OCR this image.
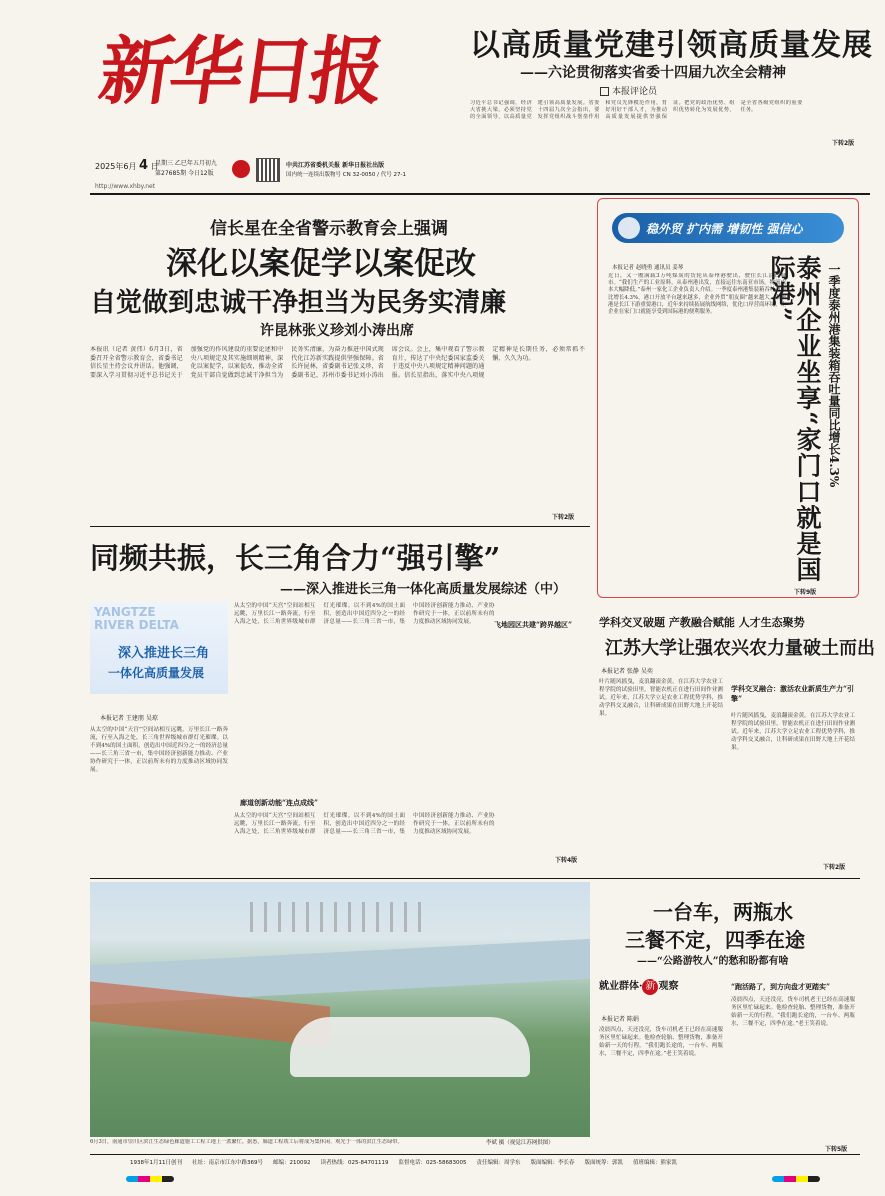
新华日报
2025年6月 4 日
星期三 乙巳年五月初九
第27685期 今日12版
http://www.xhby.net
中共江苏省委机关报 新华日报社出版
国内统一连续出版物号 CN 32-0050 / 代号 27-1
以高质量党建引领高质量发展
——六论贯彻落实省委十四届九次全会精神
本报评论员
习近平总书记强调，经济大省挑大梁，必须坚持党的全面领导，以高质量党建引领高质量发展。省委十四届九次全会指出，要发挥党组织战斗堡垒作用和党员先锋模范作用，育好用好干部人才，为推动高质量发展提供坚强保证。把党的政治优势、组织优势转化为发展优势，是全省各级党组织的重要任务。
下转2版
信长星在全省警示教育会上强调
深化以案促学以案促改
自觉做到忠诚干净担当为民务实清廉
许昆林张义珍刘小涛出席
本报讯（记者 黄伟）6月3日，省委召开全省警示教育会，省委书记信长星主持会议并讲话。他强调，要深入学习贯彻习近平总书记关于加强党的作风建设的重要论述和中央八项规定及其实施细则精神，深化以案促学，以案促改，推动全省党员干部自觉做到忠诚干净担当为民务实清廉，为奋力推进中国式现代化江苏新实践提供坚强保障。省长许昆林，省委副书记张义珍，省委副书记、苏州市委书记刘小涛出席会议。会上，集中观看了警示教育片，传达了中央纪委国家监委关于违反中央八项规定精神问题的通报。信长星指出，落实中央八项规定精神是长期任务，必须常抓不懈、久久为功。
下转2版
稳外贸 扩内需 增韧性 强信心
本报记者 赵晓勇 通讯员 姜琴
近日，又一艘满载3万吨煤炭的货轮从泰州港驶出，驶往长江沿线城市。“我们生产的工业原料，从泰州港出发，直接运往东南亚市场，物流成本大幅降低。”泰州一家化工企业负责人介绍。一季度泰州港集装箱吞吐量同比增长4.3%，港口开放平台越来越多，企业外贸“朋友圈”越来越大。泰州港是长江下游重要港口，近年来持续拓展航线网络，优化口岸营商环境，让企业在家门口就能享受到国际港的便利服务。	泰州企业坐享“家门口就是国际港”	一季度泰州港集装箱吞吐量同比增长4.3%
下转9版
同频共振，长三角合力“强引擎”
——深入推进长三角一体化高质量发展综述（中）
YANGTZE RIVER DELTA
深入推进长三角
一体化高质量发展
本报记者 王建朋 吴琼
从太空的中国“天宫”空间站相互远眺，万里长江一路奔流，行至入海之处，长三角世界级城市群灯光璀璨。以不到4%的国土面积，创造出中国近四分之一的经济总量——长三角三省一市，集中国经济创新能力推动、产业协作研究于一体，正以前所未有的力度推动区域协同发展。
从太空的中国“天宫”空间站相互远眺，万里长江一路奔流，行至入海之处，长三角世界级城市群灯光璀璨。以不到4%的国土面积，创造出中国近四分之一的经济总量——长三角三省一市，集中国经济创新能力推动、产业协作研究于一体，正以前所未有的力度推动区域协同发展。
廊道创新动能“连点成线”
飞地园区共建“跨界越区”
从太空的中国“天宫”空间站相互远眺，万里长江一路奔流，行至入海之处，长三角世界级城市群灯光璀璨。以不到4%的国土面积，创造出中国近四分之一的经济总量——长三角三省一市，集中国经济创新能力推动、产业协作研究于一体，正以前所未有的力度推动区域协同发展。
下转4版
学科交叉破题 产教融合赋能 人才生态聚势
江苏大学让强农兴农力量破土而出
本报记者 张静 吴奕
叶片随风摇曳，麦浪翻滚金黄。在江苏大学农业工程学院的试验田里，智能农机正在进行田间作业测试。近年来，江苏大学立足农业工程优势学科，推动学科交叉融合，让科研成果在田野大地上开花结果。
学科交叉融合：激活农业新质生产力“引擎”
叶片随风摇曳，麦浪翻滚金黄。在江苏大学农业工程学院的试验田里，智能农机正在进行田间作业测试。近年来，江苏大学立足农业工程优势学科，推动学科交叉融合，让科研成果在田野大地上开花结果。
下转2版
6月3日，南通市崇川区滨江生态绿色廊道施工工程工地上一派繁忙。据悉，廊道工程竣工后将成为集休闲、观光于一体的滨江生态绿带。	李斌 摄（视觉江苏网供图）
一台车，两瓶水
三餐不定，四季在途
——“公路游牧人”的愁和盼都有啥
就业群体· 新 观察
本报记者 陈娟
凌晨四点，天还没亮，货车司机老王已经在高速服务区里忙碌起来。他检查轮胎、整理货物，准备开始新一天的行程。“我们跑长途的，一台车、两瓶水，三餐不定，四季在途。”老王笑着说。
“跑活路了，到方向盘才更踏实”
凌晨四点，天还没亮，货车司机老王已经在高速服务区里忙碌起来。他检查轮胎、整理货物，准备开始新一天的行程。“我们跑长途的，一台车、两瓶水，三餐不定，四季在途。”老王笑着说。
下转5版
1938年1月11日创刊 社址：南京市江东中路369号 邮编：210092 读者热线：025-84701119 监督电话：025-58683005 责任编辑：周学东 版面编辑：李长春 版面统筹：郭凯 值班编辑：熊家凯
